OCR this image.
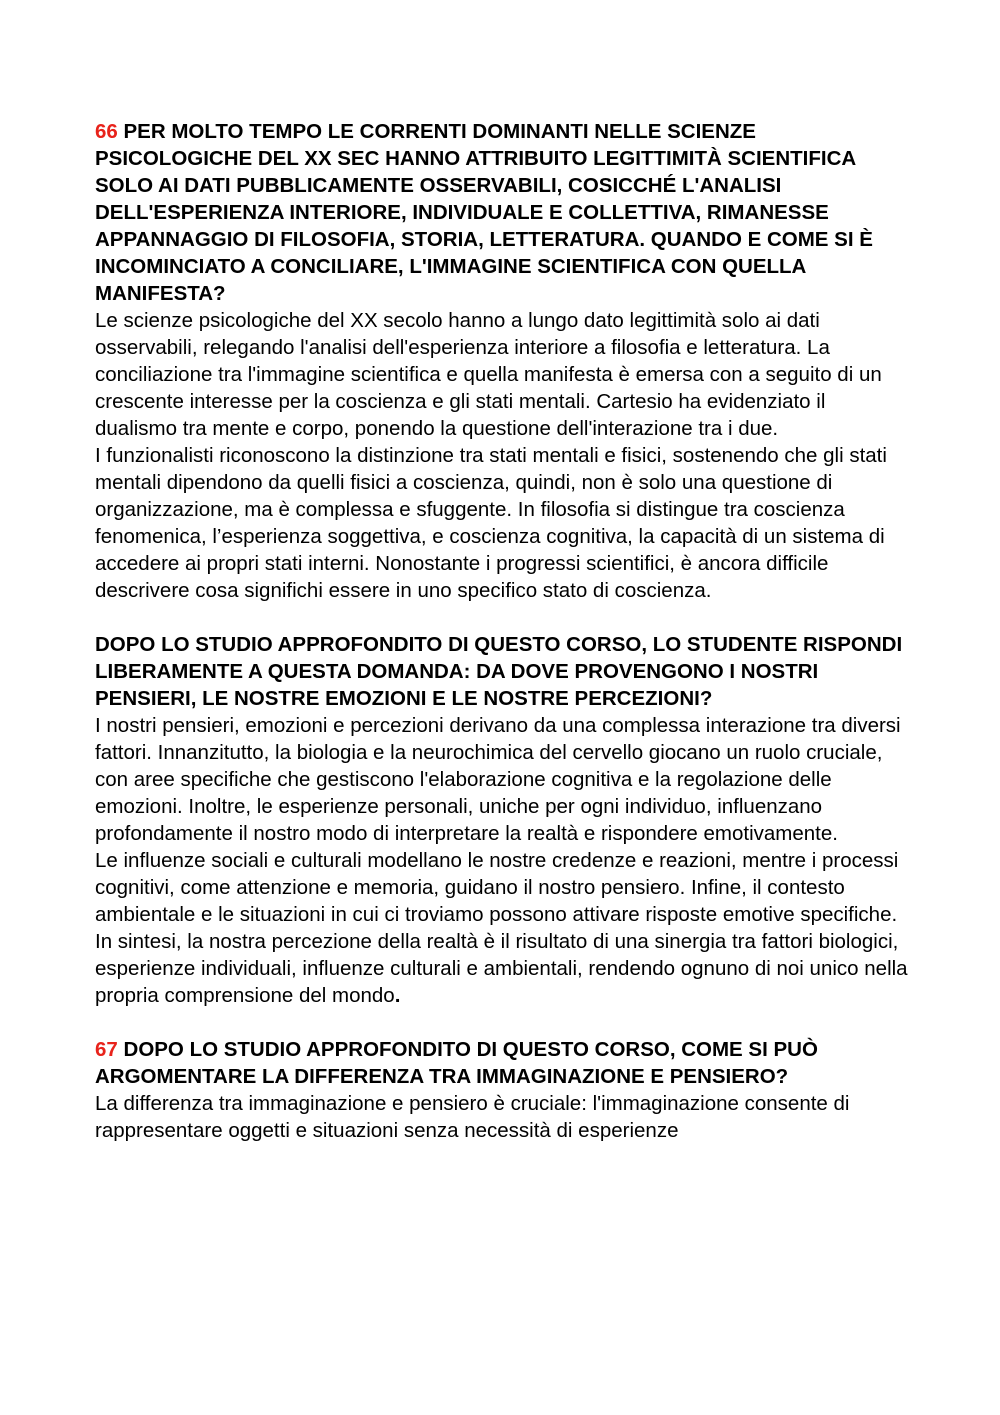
66 PER MOLTO TEMPO LE CORRENTI DOMINANTI NELLE SCIENZE PSICOLOGICHE DEL XX SEC HANNO ATTRIBUITO LEGITTIMITÀ SCIENTIFICA SOLO AI DATI PUBBLICAMENTE OSSERVABILI, COSICCHÉ L'ANALISI DELL'ESPERIENZA INTERIORE, INDIVIDUALE E COLLETTIVA, RIMANESSE APPANNAGGIO DI FILOSOFIA, STORIA, LETTERATURA. QUANDO E COME SI È INCOMINCIATO A CONCILIARE, L'IMMAGINE SCIENTIFICA CON QUELLA MANIFESTA?

Le scienze psicologiche del XX secolo hanno a lungo dato legittimità solo ai dati osservabili, relegando l'analisi dell'esperienza interiore a filosofia e letteratura. La conciliazione tra l'immagine scientifica e quella manifesta è emersa con a seguito di un crescente interesse per la coscienza e gli stati mentali. Cartesio ha evidenziato il dualismo tra mente e corpo, ponendo la questione dell'interazione tra i due.

I funzionalisti riconoscono la distinzione tra stati mentali e fisici, sostenendo che gli stati mentali dipendono da quelli fisici a coscienza, quindi, non è solo una questione di organizzazione, ma è complessa e sfuggente. In filosofia si distingue tra coscienza fenomenica, l’esperienza soggettiva, e coscienza cognitiva, la capacità di un sistema di accedere ai propri stati interni. Nonostante i progressi scientifici, è ancora difficile descrivere cosa significhi essere in uno specifico stato di coscienza.

DOPO LO STUDIO APPROFONDITO DI QUESTO CORSO, LO STUDENTE RISPONDI LIBERAMENTE A QUESTA DOMANDA: DA DOVE PROVENGONO I NOSTRI PENSIERI, LE NOSTRE EMOZIONI E LE NOSTRE PERCEZIONI?

I nostri pensieri, emozioni e percezioni derivano da una complessa interazione tra diversi fattori. Innanzitutto, la biologia e la neurochimica del cervello giocano un ruolo cruciale, con aree specifiche che gestiscono l'elaborazione cognitiva e la regolazione delle emozioni. Inoltre, le esperienze personali, uniche per ogni individuo, influenzano profondamente il nostro modo di interpretare la realtà e rispondere emotivamente.

Le influenze sociali e culturali modellano le nostre credenze e reazioni, mentre i processi cognitivi, come attenzione e memoria, guidano il nostro pensiero. Infine, il contesto ambientale e le situazioni in cui ci troviamo possono attivare risposte emotive specifiche. In sintesi, la nostra percezione della realtà è il risultato di una sinergia tra fattori biologici, esperienze individuali, influenze culturali e ambientali, rendendo ognuno di noi unico nella propria comprensione del mondo.

67 DOPO LO STUDIO APPROFONDITO DI QUESTO CORSO, COME SI PUÒ ARGOMENTARE LA DIFFERENZA TRA IMMAGINAZIONE E PENSIERO?

La differenza tra immaginazione e pensiero è cruciale: l'immaginazione consente di rappresentare oggetti e situazioni senza necessità di esperienze
